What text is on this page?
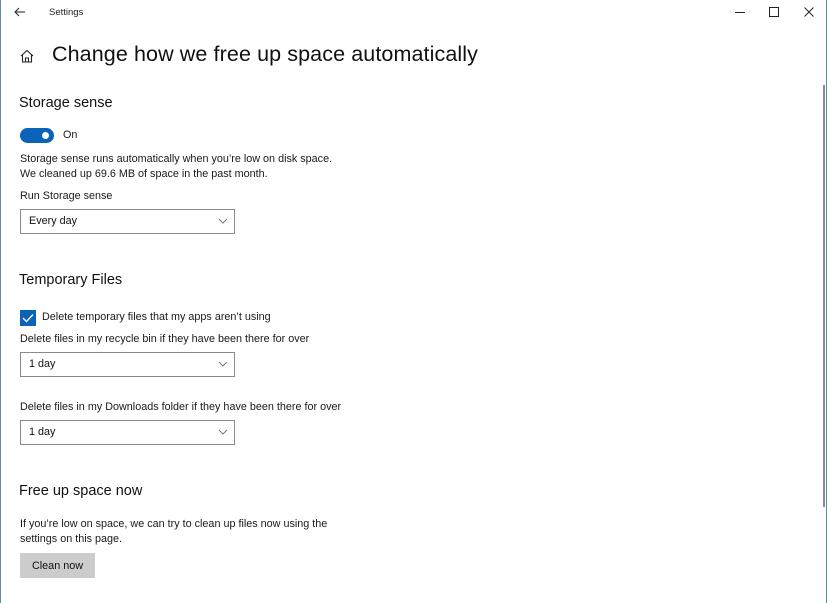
Settings
Change how we free up space automatically
Storage sense
On
Storage sense runs automatically when you’re low on disk space.
We cleaned up 69.6 MB of space in the past month.
Run Storage sense
Every day
Temporary Files
Delete temporary files that my apps aren’t using
Delete files in my recycle bin if they have been there for over
1 day
Delete files in my Downloads folder if they have been there for over
1 day
Free up space now
If you’re low on space, we can try to clean up files now using the
settings on this page.
Clean now
